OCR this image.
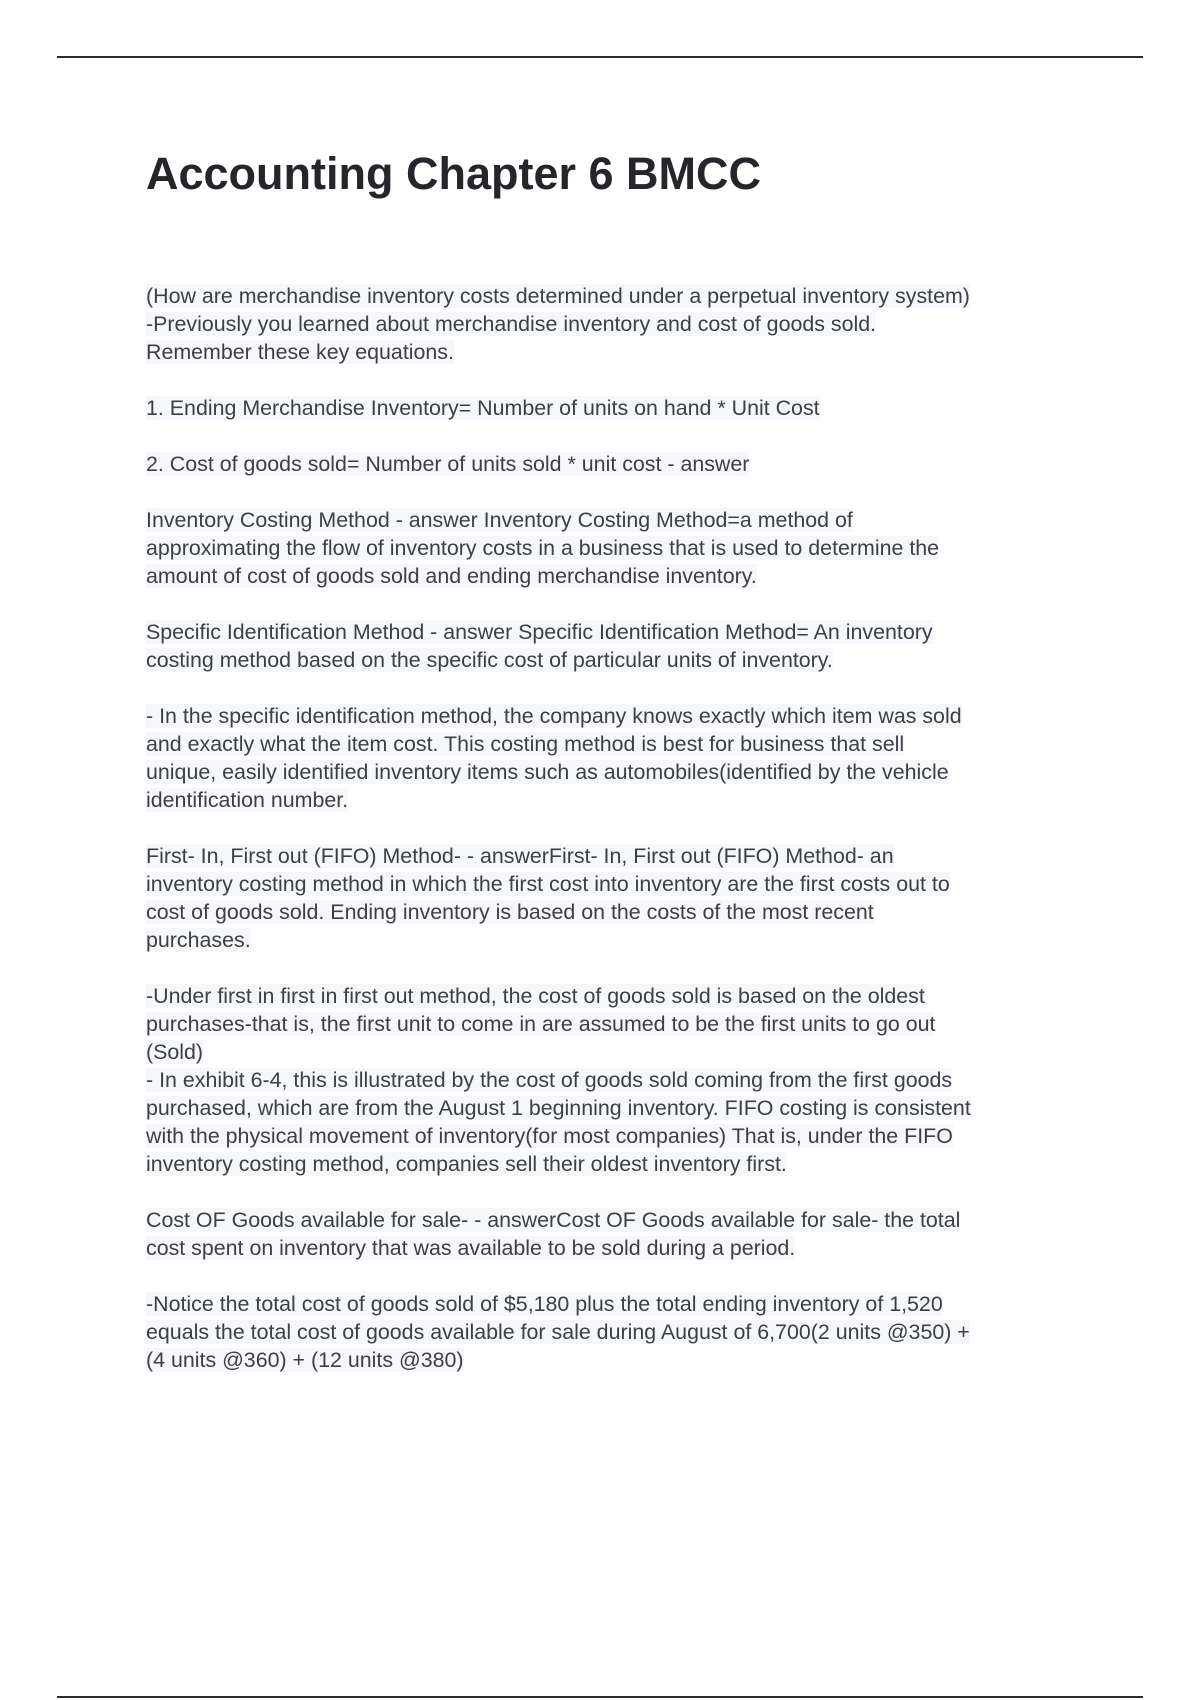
Accounting Chapter 6 BMCC

(How are merchandise inventory costs determined under a perpetual inventory system)
-Previously you learned about merchandise inventory and cost of goods sold.
Remember these key equations.

1. Ending Merchandise Inventory= Number of units on hand * Unit Cost

2. Cost of goods sold= Number of units sold * unit cost - answer

Inventory Costing Method - answer Inventory Costing Method=a method of
approximating the flow of inventory costs in a business that is used to determine the
amount of cost of goods sold and ending merchandise inventory.

Specific Identification Method - answer Specific Identification Method= An inventory
costing method based on the specific cost of particular units of inventory.

- In the specific identification method, the company knows exactly which item was sold
and exactly what the item cost. This costing method is best for business that sell
unique, easily identified inventory items such as automobiles(identified by the vehicle
identification number.

First- In, First out (FIFO) Method- - answerFirst- In, First out (FIFO) Method- an
inventory costing method in which the first cost into inventory are the first costs out to
cost of goods sold. Ending inventory is based on the costs of the most recent
purchases.

-Under first in first in first out method, the cost of goods sold is based on the oldest
purchases-that is, the first unit to come in are assumed to be the first units to go out
(Sold)

- In exhibit 6-4, this is illustrated by the cost of goods sold coming from the first goods
purchased, which are from the August 1 beginning inventory. FIFO costing is consistent
with the physical movement of inventory(for most companies) That is, under the FIFO
inventory costing method, companies sell their oldest inventory first.

Cost OF Goods available for sale- - answerCost OF Goods available for sale- the total
cost spent on inventory that was available to be sold during a period.

-Notice the total cost of goods sold of $5,180 plus the total ending inventory of 1,520
equals the total cost of goods available for sale during August of 6,700(2 units @350) +
(4 units @360) + (12 units @380)
